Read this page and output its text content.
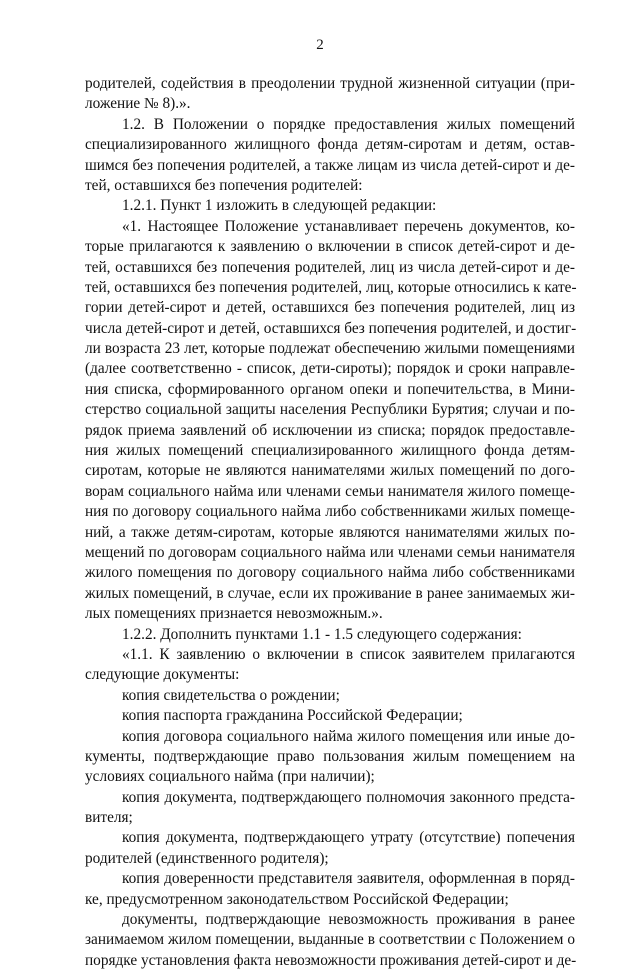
2
родителей, содействия в преодолении трудной жизненной ситуации (при-
ложение № 8).».
1.2. В Положении о порядке предоставления жилых помещений
специализированного жилищного фонда детям-сиротам и детям, остав-
шимся без попечения родителей, а также лицам из числа детей-сирот и де-
тей, оставшихся без попечения родителей:
1.2.1. Пункт 1 изложить в следующей редакции:
«1. Настоящее Положение устанавливает перечень документов, ко-
торые прилагаются к заявлению о включении в список детей-сирот и де-
тей, оставшихся без попечения родителей, лиц из числа детей-сирот и де-
тей, оставшихся без попечения родителей, лиц, которые относились к катe-
гории детей-сирот и детей, оставшихся без попечения родителей, лиц из
числа детей-сирот и детей, оставшихся без попечения родителей, и достиг-
ли возраста 23 лет, которые подлежат обеспечению жилыми помещениями
(далее соответственно - список, дети-сироты); порядок и сроки направле-
ния списка, сформированного органом опеки и попечительства, в Мини-
стерство социальной защиты населения Республики Бурятия; случаи и по-
рядок приема заявлений об исключении из списка; порядок предоставле-
ния жилых помещений специализированного жилищного фонда детям-
сиротам, которые не являются нанимателями жилых помещений по дого-
ворам социального найма или членами семьи нанимателя жилого помеще-
ния по договору социального найма либо собственниками жилых помеще-
ний, а также детям-сиротам, которые являются нанимателями жилых по-
мещений по договорам социального найма или членами семьи нанимателя
жилого помещения по договору социального найма либо собственниками
жилых помещений, в случае, если их проживание в ранее занимаемых жи-
лых помещениях признается невозможным.».
1.2.2. Дополнить пунктами 1.1 - 1.5 следующего содержания:
«1.1. К заявлению о включении в список заявителем прилагаются
следующие документы:
копия свидетельства о рождении;
копия паспорта гражданина Российской Федерации;
копия договора социального найма жилого помещения или иные до-
кументы, подтверждающие право пользования жилым помещением на
условиях социального найма (при наличии);
копия документа, подтверждающего полномочия законного предста-
вителя;
копия документа, подтверждающего утрату (отсутствие) попечения
родителей (единственного родителя);
копия доверенности представителя заявителя, оформленная в поряд-
ке, предусмотренном законодательством Российской Федерации;
документы, подтверждающие невозможность проживания в ранее
занимаемом жилом помещении, выданные в соответствии с Положением о
порядке установления факта невозможности проживания детей-сирот и де-
